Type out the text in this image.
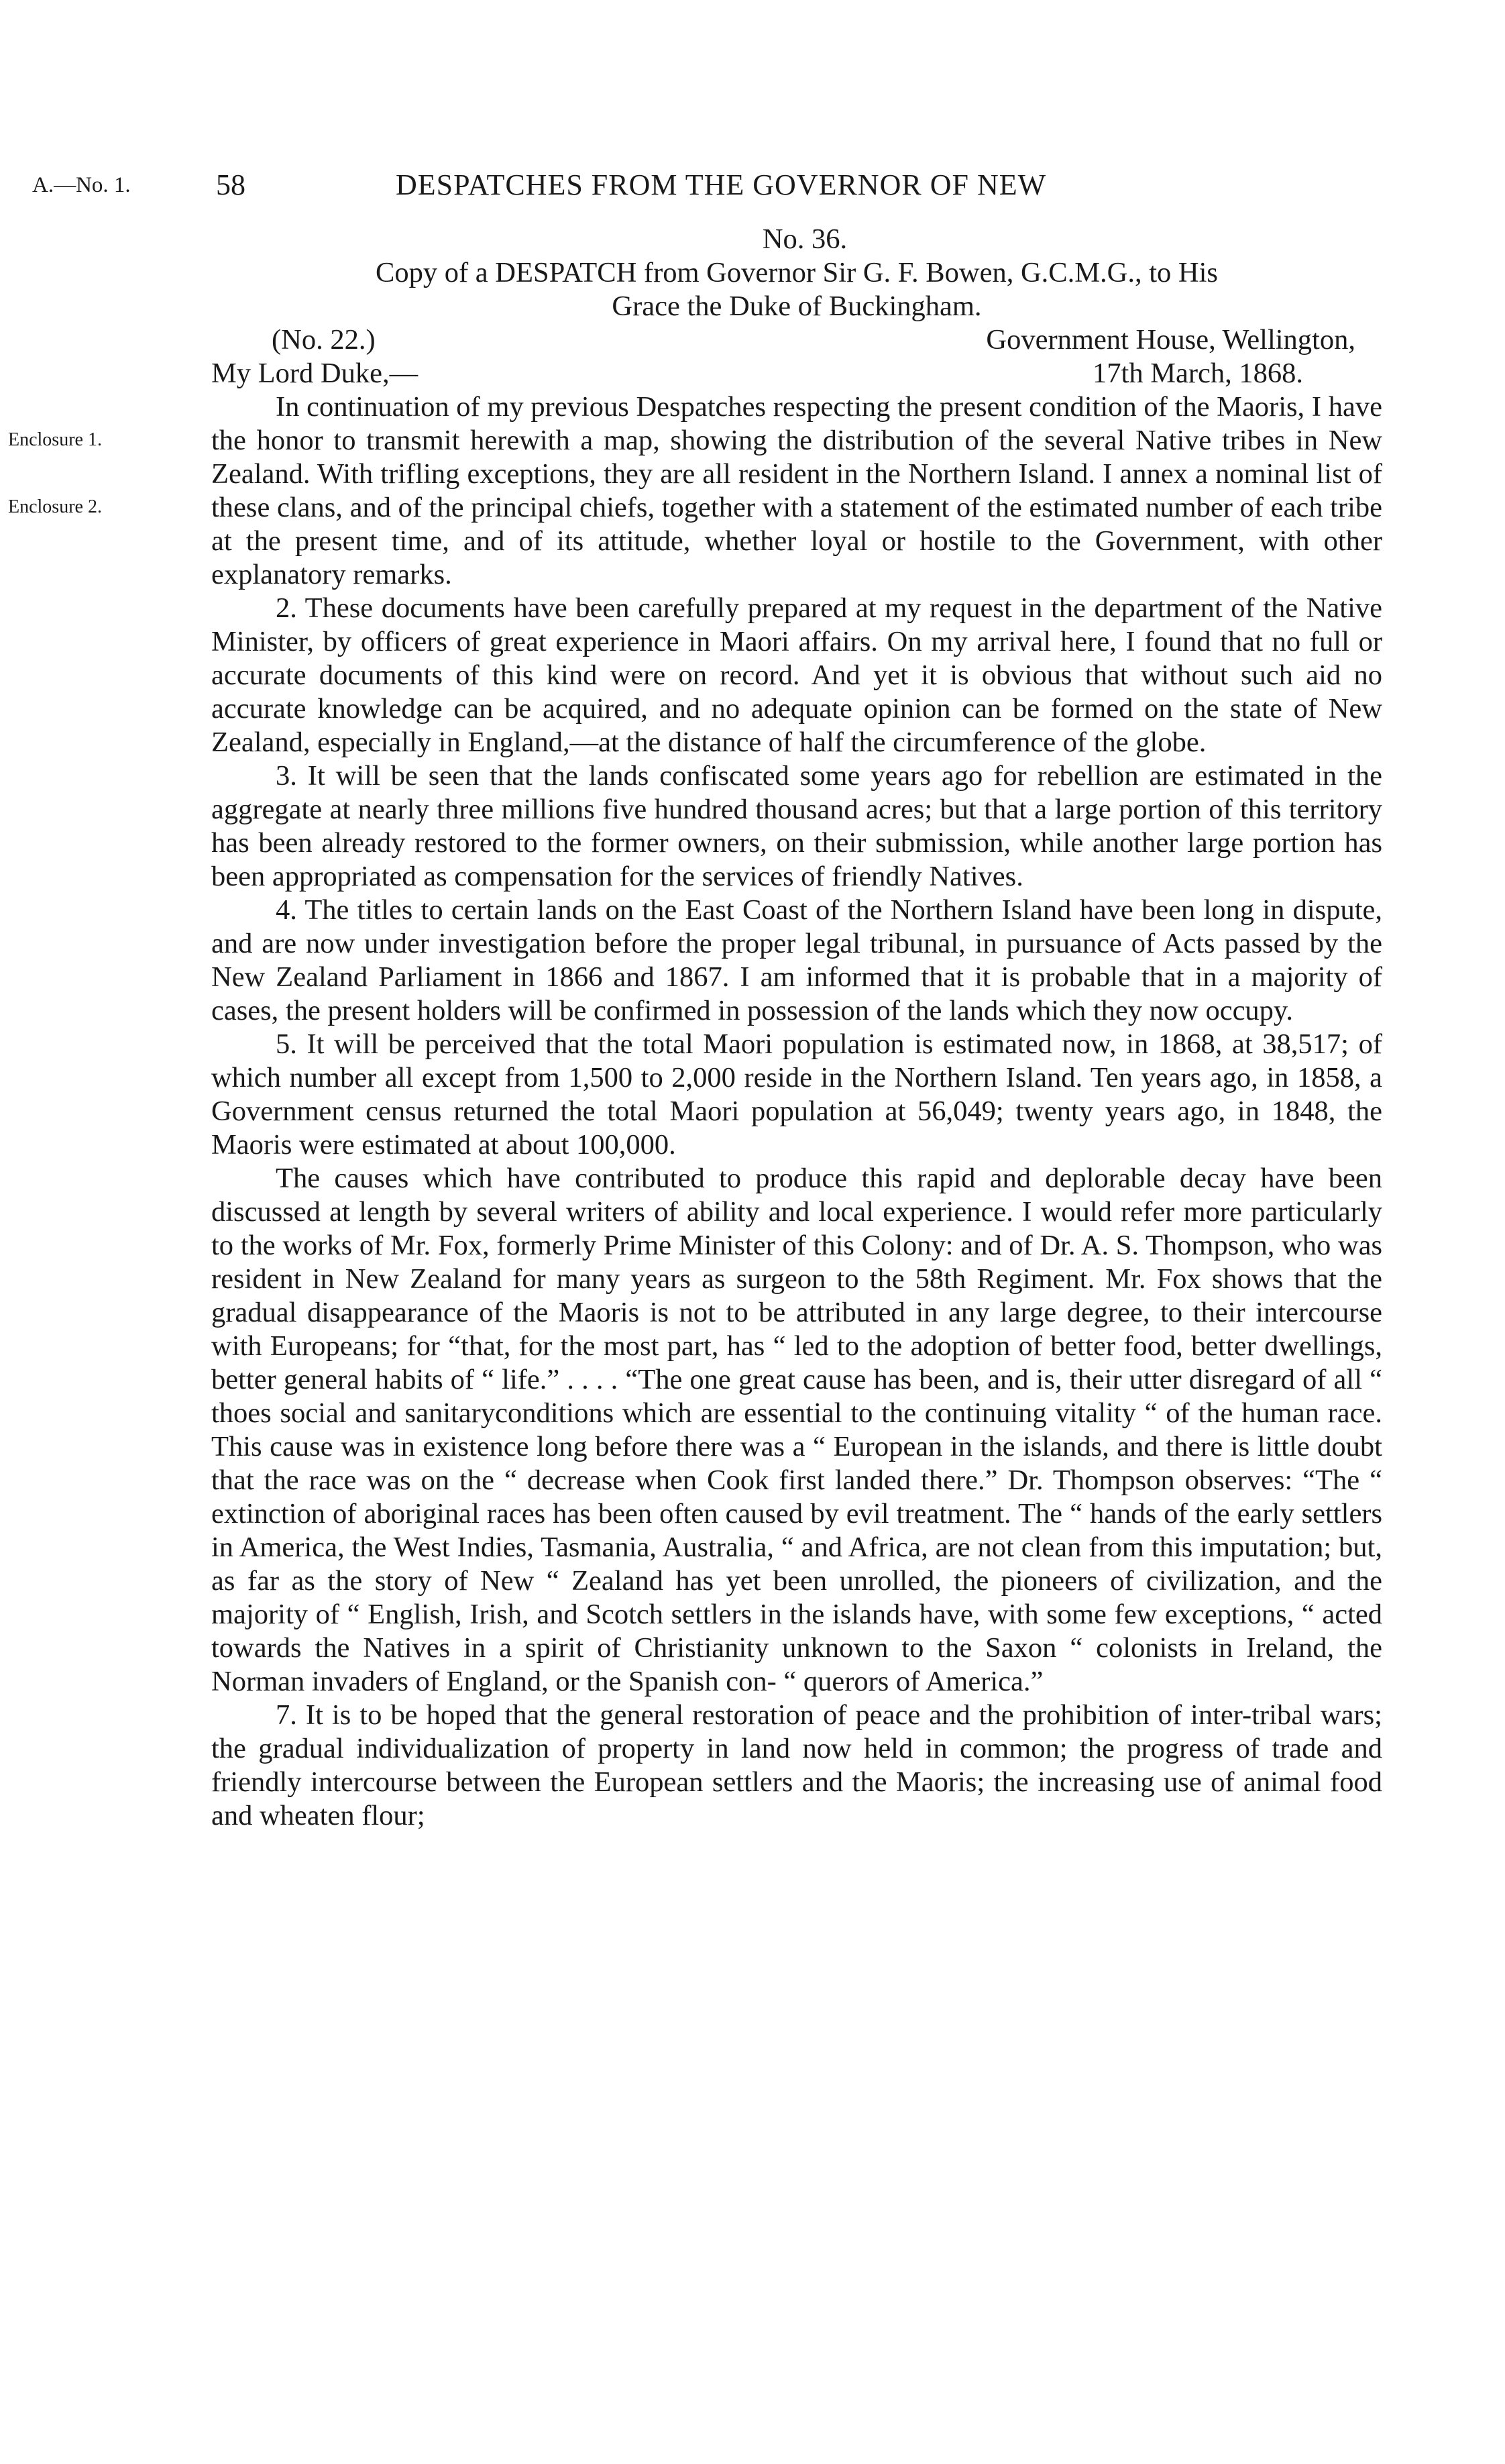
A.—No. 1.	58	DESPATCHES FROM THE GOVERNOR OF NEW
Enclosure 1.
Enclosure 2.

No. 36.

Copy of a DESPATCH from Governor Sir G. F. Bowen, G.C.M.G., to His

Grace the Duke of Buckingham.

(No. 22.)	Government House, Wellington,
My Lord Duke,—	17th March, 1868.

In continuation of my previous Despatches respecting the present condition of the Maoris, I have the honor to transmit herewith a map, showing the distribution of the several Native tribes in New Zealand. With trifling exceptions, they are all resident in the Northern Island. I annex a nominal list of these clans, and of the principal chiefs, together with a statement of the estimated number of each tribe at the present time, and of its attitude, whether loyal or hostile to the Government, with other explanatory remarks.

2. These documents have been carefully prepared at my request in the department of the Native Minister, by officers of great experience in Maori affairs. On my arrival here, I found that no full or accurate documents of this kind were on record. And yet it is obvious that without such aid no accurate knowledge can be acquired, and no adequate opinion can be formed on the state of New Zealand, especially in England,—at the distance of half the circumference of the globe.

3. It will be seen that the lands confiscated some years ago for rebellion are estimated in the aggregate at nearly three millions five hundred thousand acres; but that a large portion of this territory has been already restored to the former owners, on their submission, while another large portion has been appropriated as compensation for the services of friendly Natives.

4. The titles to certain lands on the East Coast of the Northern Island have been long in dispute, and are now under investigation before the proper legal tribunal, in pursuance of Acts passed by the New Zealand Parliament in 1866 and 1867. I am informed that it is probable that in a majority of cases, the present holders will be confirmed in possession of the lands which they now occupy.

5. It will be perceived that the total Maori population is estimated now, in 1868, at 38,517; of which number all except from 1,500 to 2,000 reside in the Northern Island. Ten years ago, in 1858, a Government census returned the total Maori population at 56,049; twenty years ago, in 1848, the Maoris were estimated at about 100,000.

The causes which have contributed to produce this rapid and deplorable decay have been discussed at length by several writers of ability and local experience. I would refer more particularly to the works of Mr. Fox, formerly Prime Minister of this Colony: and of Dr. A. S. Thompson, who was resident in New Zealand for many years as surgeon to the 58th Regiment. Mr. Fox shows that the gradual disappearance of the Maoris is not to be attributed in any large degree, to their intercourse with Europeans; for “that, for the most part, has “ led to the adoption of better food, better dwellings, better general habits of “ life.” . . . . “The one great cause has been, and is, their utter disregard of all “ thoes social and sanitaryconditions which are essential to the continuing vitality “ of the human race. This cause was in existence long before there was a “ European in the islands, and there is little doubt that the race was on the “ decrease when Cook first landed there.” Dr. Thompson observes: “The “ extinction of aboriginal races has been often caused by evil treatment. The “ hands of the early settlers in America, the West Indies, Tasmania, Australia, “ and Africa, are not clean from this imputation; but, as far as the story of New “ Zealand has yet been unrolled, the pioneers of civilization, and the majority of “ English, Irish, and Scotch settlers in the islands have, with some few exceptions, “ acted towards the Natives in a spirit of Christianity unknown to the Saxon “ colonists in Ireland, the Norman invaders of England, or the Spanish con- “ querors of America.”

7. It is to be hoped that the general restoration of peace and the prohibition of inter-tribal wars; the gradual individualization of property in land now held in common; the progress of trade and friendly intercourse between the European settlers and the Maoris; the increasing use of animal food and wheaten flour;
